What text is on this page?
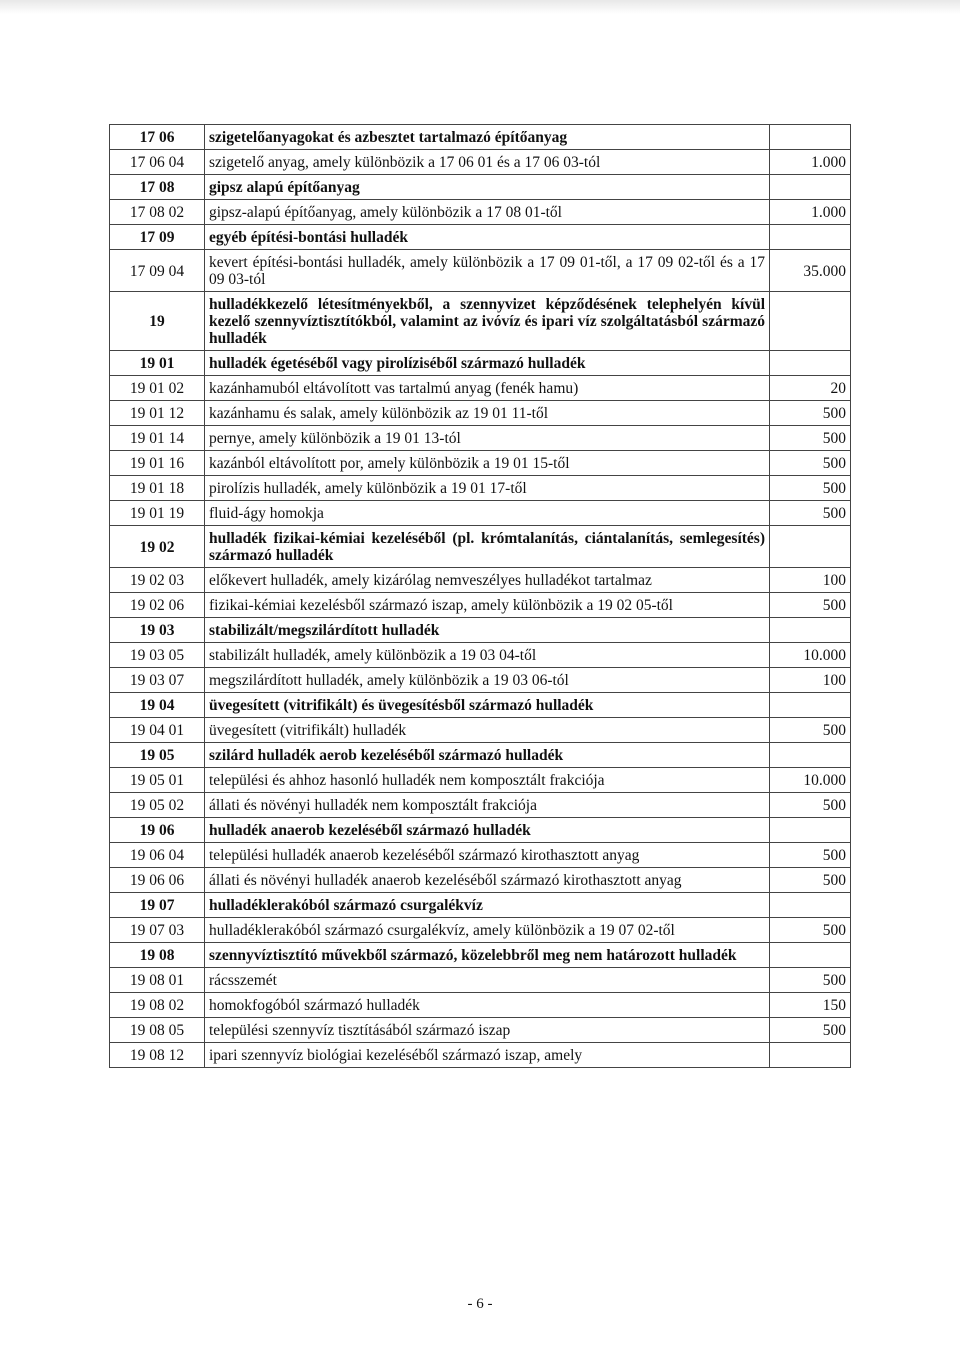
17 06	szigetelőanyagokat és azbesztet tartalmazó építőanyag	
17 06 04	szigetelő anyag, amely különbözik a 17 06 01 és a 17 06 03-tól	1.000
17 08	gipsz alapú építőanyag	
17 08 02	gipsz-alapú építőanyag, amely különbözik a 17 08 01-től	1.000
17 09	egyéb építési-bontási hulladék	
17 09 04	kevert építési-bontási hulladék, amely különbözik a 17 09 01-től, a 17 09 02-től és a 17 09 03-tól	35.000
19	hulladékkezelő létesítményekből, a szennyvizet képződésének telephelyén kívül kezelő szennyvíztisztítókból, valamint az ivóvíz és ipari víz szolgáltatásból származó hulladék	
19 01	hulladék égetéséből vagy pirolíziséből származó hulladék	
19 01 02	kazánhamuból eltávolított vas tartalmú anyag (fenék hamu)	20
19 01 12	kazánhamu és salak, amely különbözik az 19 01 11-től	500
19 01 14	pernye, amely különbözik a 19 01 13-tól	500
19 01 16	kazánból eltávolított por, amely különbözik a 19 01 15-től	500
19 01 18	pirolízis hulladék, amely különbözik a 19 01 17-től	500
19 01 19	fluid-ágy homokja	500
19 02	hulladék fizikai-kémiai kezeléséből (pl. krómtalanítás, ciántalanítás, semlegesítés) származó hulladék	
19 02 03	előkevert hulladék, amely kizárólag nemveszélyes hulladékot tartalmaz	100
19 02 06	fizikai-kémiai kezelésből származó iszap, amely különbözik a 19 02 05-től	500
19 03	stabilizált/megszilárdított hulladék	
19 03 05	stabilizált hulladék, amely különbözik a 19 03 04-től	10.000
19 03 07	megszilárdított hulladék, amely különbözik a 19 03 06-tól	100
19 04	üvegesített (vitrifikált) és üvegesítésből származó hulladék	
19 04 01	üvegesített (vitrifikált) hulladék	500
19 05	szilárd hulladék aerob kezeléséből származó hulladék	
19 05 01	települési és ahhoz hasonló hulladék nem komposztált frakciója	10.000
19 05 02	állati és növényi hulladék nem komposztált frakciója	500
19 06	hulladék anaerob kezeléséből származó hulladék	
19 06 04	települési hulladék anaerob kezeléséből származó kirothasztott anyag	500
19 06 06	állati és növényi hulladék anaerob kezeléséből származó kirothasztott anyag	500
19 07	hulladéklerakóból származó csurgalékvíz	
19 07 03	hulladéklerakóból származó csurgalékvíz, amely különbözik a 19 07 02-től	500
19 08	szennyvíztisztító művekből származó, közelebbről meg nem határozott hulladék	
19 08 01	rácsszemét	500
19 08 02	homokfogóból származó hulladék	150
19 08 05	települési szennyvíz tisztításából származó iszap	500
19 08 12	ipari szennyvíz biológiai kezeléséből származó iszap, amely	
- 6 -
